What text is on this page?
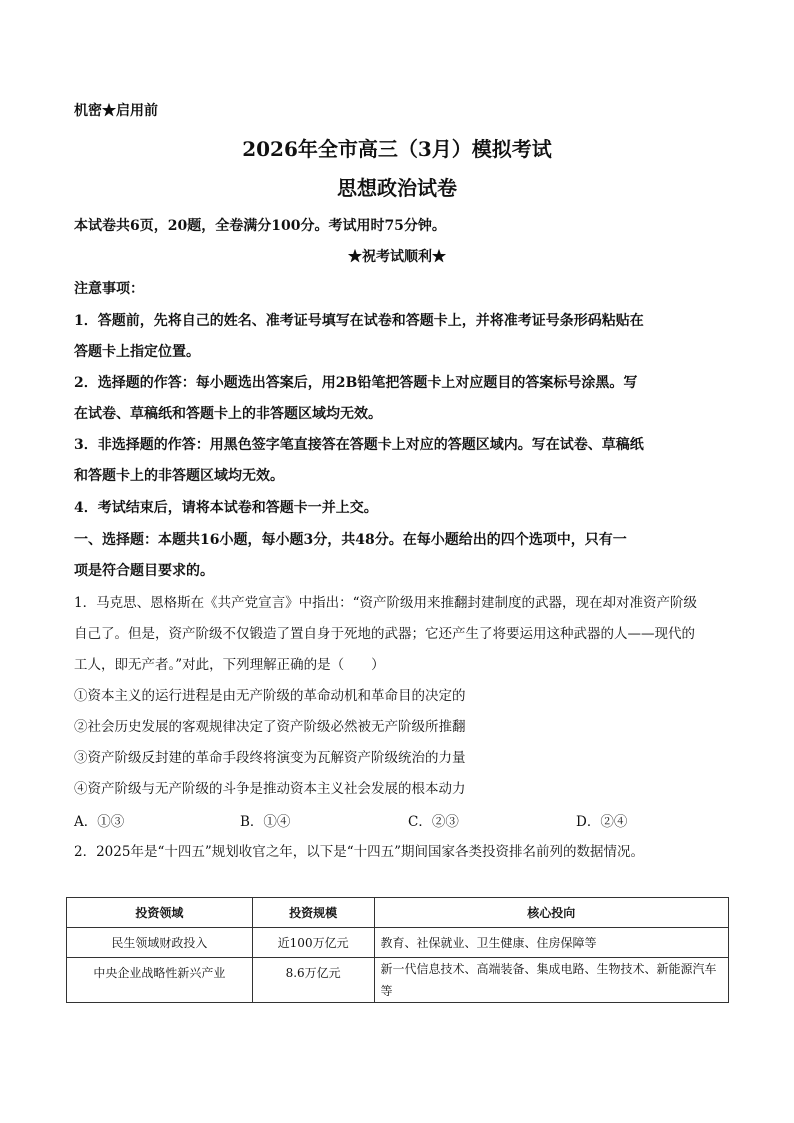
机密★启用前
2026年全市高三（3月）模拟考试
思想政治试卷
本试卷共6页，20题，全卷满分100分。考试用时75分钟。
★祝考试顺利★
注意事项：
1．答题前，先将自己的姓名、准考证号填写在试卷和答题卡上，并将准考证号条形码粘贴在
答题卡上指定位置。
2．选择题的作答：每小题选出答案后，用2B铅笔把答题卡上对应题目的答案标号涂黑。写
在试卷、草稿纸和答题卡上的非答题区域均无效。
3．非选择题的作答：用黑色签字笔直接答在答题卡上对应的答题区域内。写在试卷、草稿纸
和答题卡上的非答题区域均无效。
4．考试结束后，请将本试卷和答题卡一并上交。
一、选择题：本题共16小题，每小题3分，共48分。在每小题给出的四个选项中，只有一
项是符合题目要求的。
1．马克思、恩格斯在《共产党宣言》中指出：“资产阶级用来推翻封建制度的武器，现在却对准资产阶级
自己了。但是，资产阶级不仅锻造了置自身于死地的武器；它还产生了将要运用这种武器的人——现代的
工人，即无产者。”对此，下列理解正确的是（　　）
①资本主义的运行进程是由无产阶级的革命动机和革命目的决定的
②社会历史发展的客观规律决定了资产阶级必然被无产阶级所推翻
③资产阶级反封建的革命手段终将演变为瓦解资产阶级统治的力量
④资产阶级与无产阶级的斗争是推动资本主义社会发展的根本动力
A．①③	B．①④	C．②③	D．②④
2．2025年是“十四五”规划收官之年，以下是“十四五”期间国家各类投资排名前列的数据情况。
投资领域	投资规模	核心投向
民生领域财政投入	近100万亿元	教育、社保就业、卫生健康、住房保障等
中央企业战略性新兴产业	8.6万亿元	新一代信息技术、高端装备、集成电路、生物技术、新能源汽车等
